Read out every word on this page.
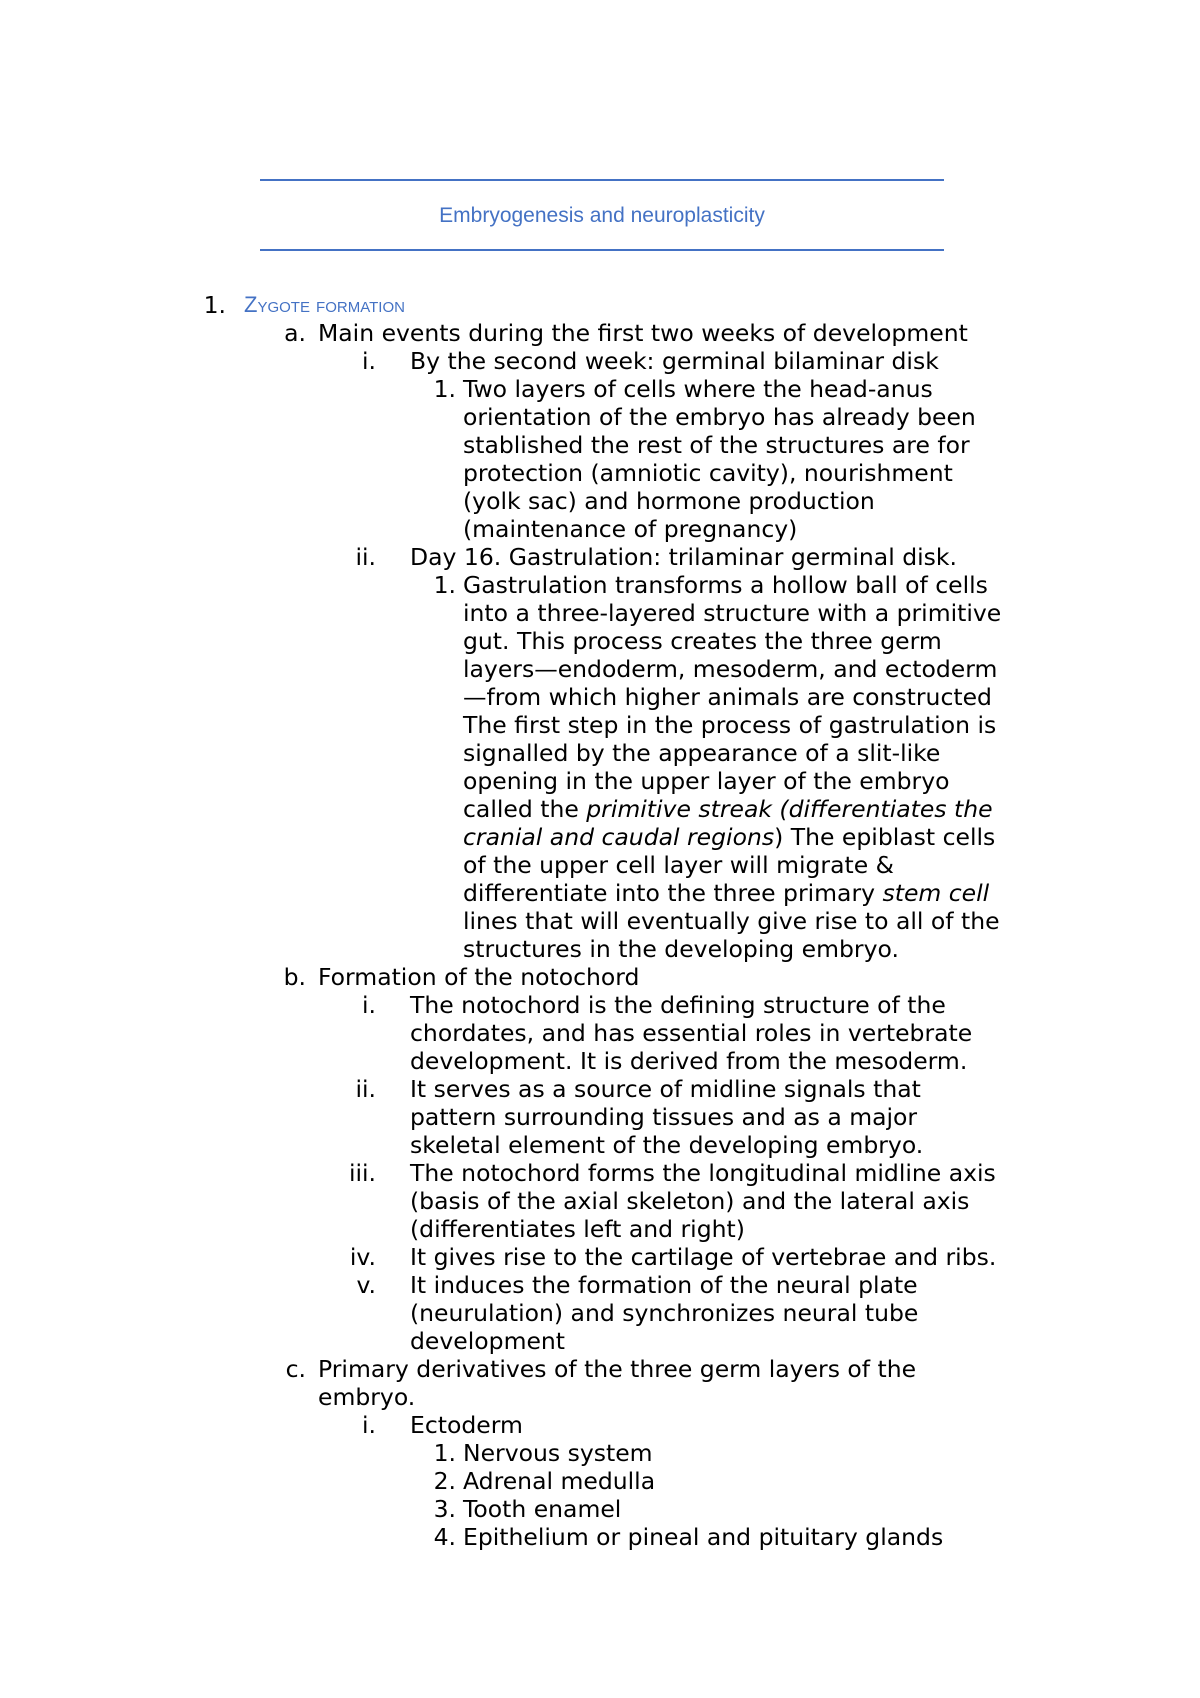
Embryogenesis and neuroplasticity
1. Zygote formation
a. Main events during the first two weeks of development
i. By the second week: germinal bilaminar disk
1. Two layers of cells where the head-anus
orientation of the embryo has already been
stablished the rest of the structures are for
protection (amniotic cavity), nourishment
(yolk sac) and hormone production
(maintenance of pregnancy)
ii. Day 16. Gastrulation: trilaminar germinal disk.
1. Gastrulation transforms a hollow ball of cells
into a three-layered structure with a primitive
gut. This process creates the three germ
layers—endoderm, mesoderm, and ectoderm
—from which higher animals are constructed
The first step in the process of gastrulation is
signalled by the appearance of a slit-like
opening in the upper layer of the embryo
called the primitive streak (differentiates the
cranial and caudal regions) The epiblast cells
of the upper cell layer will migrate &
differentiate into the three primary stem cell
lines that will eventually give rise to all of the
structures in the developing embryo.
b. Formation of the notochord
i. The notochord is the defining structure of the
chordates, and has essential roles in vertebrate
development. It is derived from the mesoderm.
ii. It serves as a source of midline signals that
pattern surrounding tissues and as a major
skeletal element of the developing embryo.
iii. The notochord forms the longitudinal midline axis
(basis of the axial skeleton) and the lateral axis
(differentiates left and right)
iv. It gives rise to the cartilage of vertebrae and ribs.
v. It induces the formation of the neural plate
(neurulation) and synchronizes neural tube
development
c. Primary derivatives of the three germ layers of the
embryo.
i. Ectoderm
1. Nervous system
2. Adrenal medulla
3. Tooth enamel
4. Epithelium or pineal and pituitary glands
